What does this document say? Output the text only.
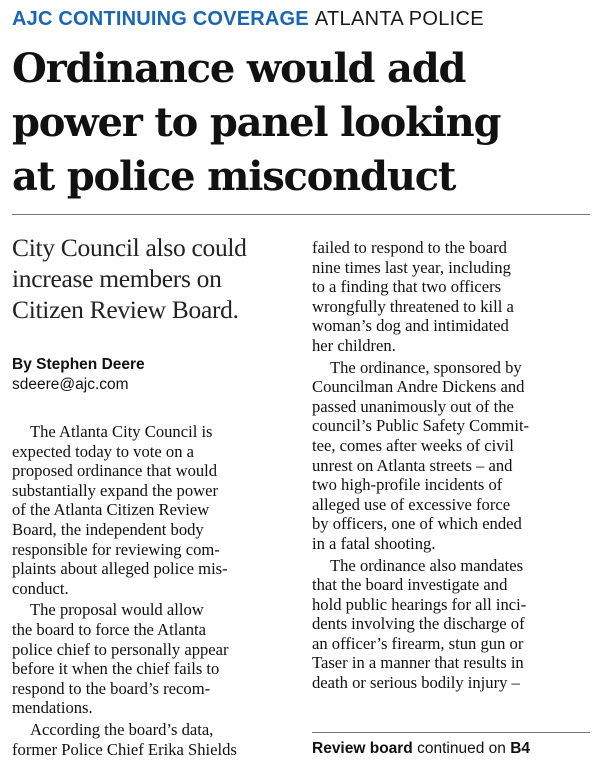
AJC CONTINUING COVERAGE ATLANTA POLICE
Ordinance would add
power to panel looking
at police misconduct
City Council also could
increase members on
Citizen Review Board.
By Stephen Deere
sdeere@ajc.com

The Atlanta City Council is
expected today to vote on a
proposed ordinance that would
substantially expand the power
of the Atlanta Citizen Review
Board, the independent body
responsible for reviewing com-
plaints about alleged police mis-
conduct.

The proposal would allow
the board to force the Atlanta
police chief to personally appear
before it when the chief fails to
respond to the board’s recom-
mendations.

According the board’s data,
former Police Chief Erika Shields

failed to respond to the board
nine times last year, including
to a finding that two officers
wrongfully threatened to kill a
woman’s dog and intimidated
her children.

The ordinance, sponsored by
Councilman Andre Dickens and
passed unanimously out of the
council’s Public Safety Commit-
tee, comes after weeks of civil
unrest on Atlanta streets – and
two high-profile incidents of
alleged use of excessive force
by officers, one of which ended
in a fatal shooting.

The ordinance also mandates
that the board investigate and
hold public hearings for all inci-
dents involving the discharge of
an officer’s firearm, stun gun or
Taser in a manner that results in
death or serious bodily injury –

Review board continued on B4
